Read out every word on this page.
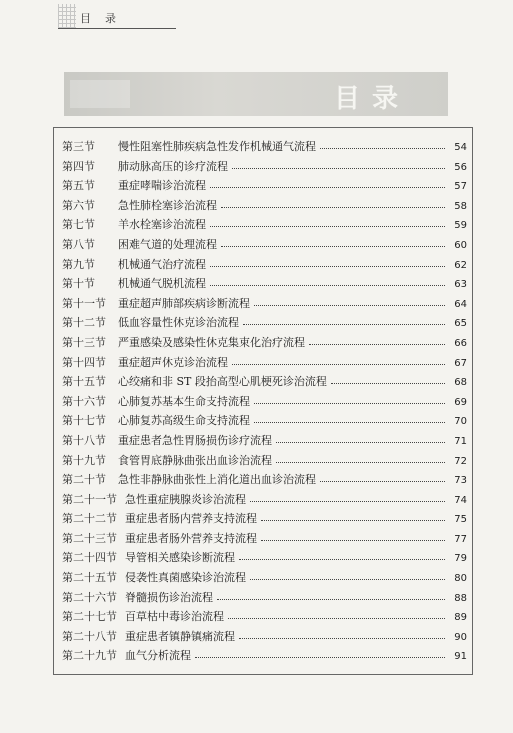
目录
目录
第三节	慢性阻塞性肺疾病急性发作机械通气流程	54
第四节	肺动脉高压的诊疗流程	56
第五节	重症哮喘诊治流程	57
第六节	急性肺栓塞诊治流程	58
第七节	羊水栓塞诊治流程	59
第八节	困难气道的处理流程	60
第九节	机械通气治疗流程	62
第十节	机械通气脱机流程	63
第十一节	重症超声肺部疾病诊断流程	64
第十二节	低血容量性休克诊治流程	65
第十三节	严重感染及感染性休克集束化治疗流程	66
第十四节	重症超声休克诊治流程	67
第十五节	心绞痛和非 ST 段抬高型心肌梗死诊治流程	68
第十六节	心肺复苏基本生命支持流程	69
第十七节	心肺复苏高级生命支持流程	70
第十八节	重症患者急性胃肠损伤诊疗流程	71
第十九节	食管胃底静脉曲张出血诊治流程	72
第二十节	急性非静脉曲张性上消化道出血诊治流程	73
第二十一节 急性重症胰腺炎诊治流程	74
第二十二节 重症患者肠内营养支持流程	75
第二十三节 重症患者肠外营养支持流程	77
第二十四节 导管相关感染诊断流程	79
第二十五节 侵袭性真菌感染诊治流程	80
第二十六节 脊髓损伤诊治流程	88
第二十七节 百草枯中毒诊治流程	89
第二十八节 重症患者镇静镇痛流程	90
第二十九节 血气分析流程	91
